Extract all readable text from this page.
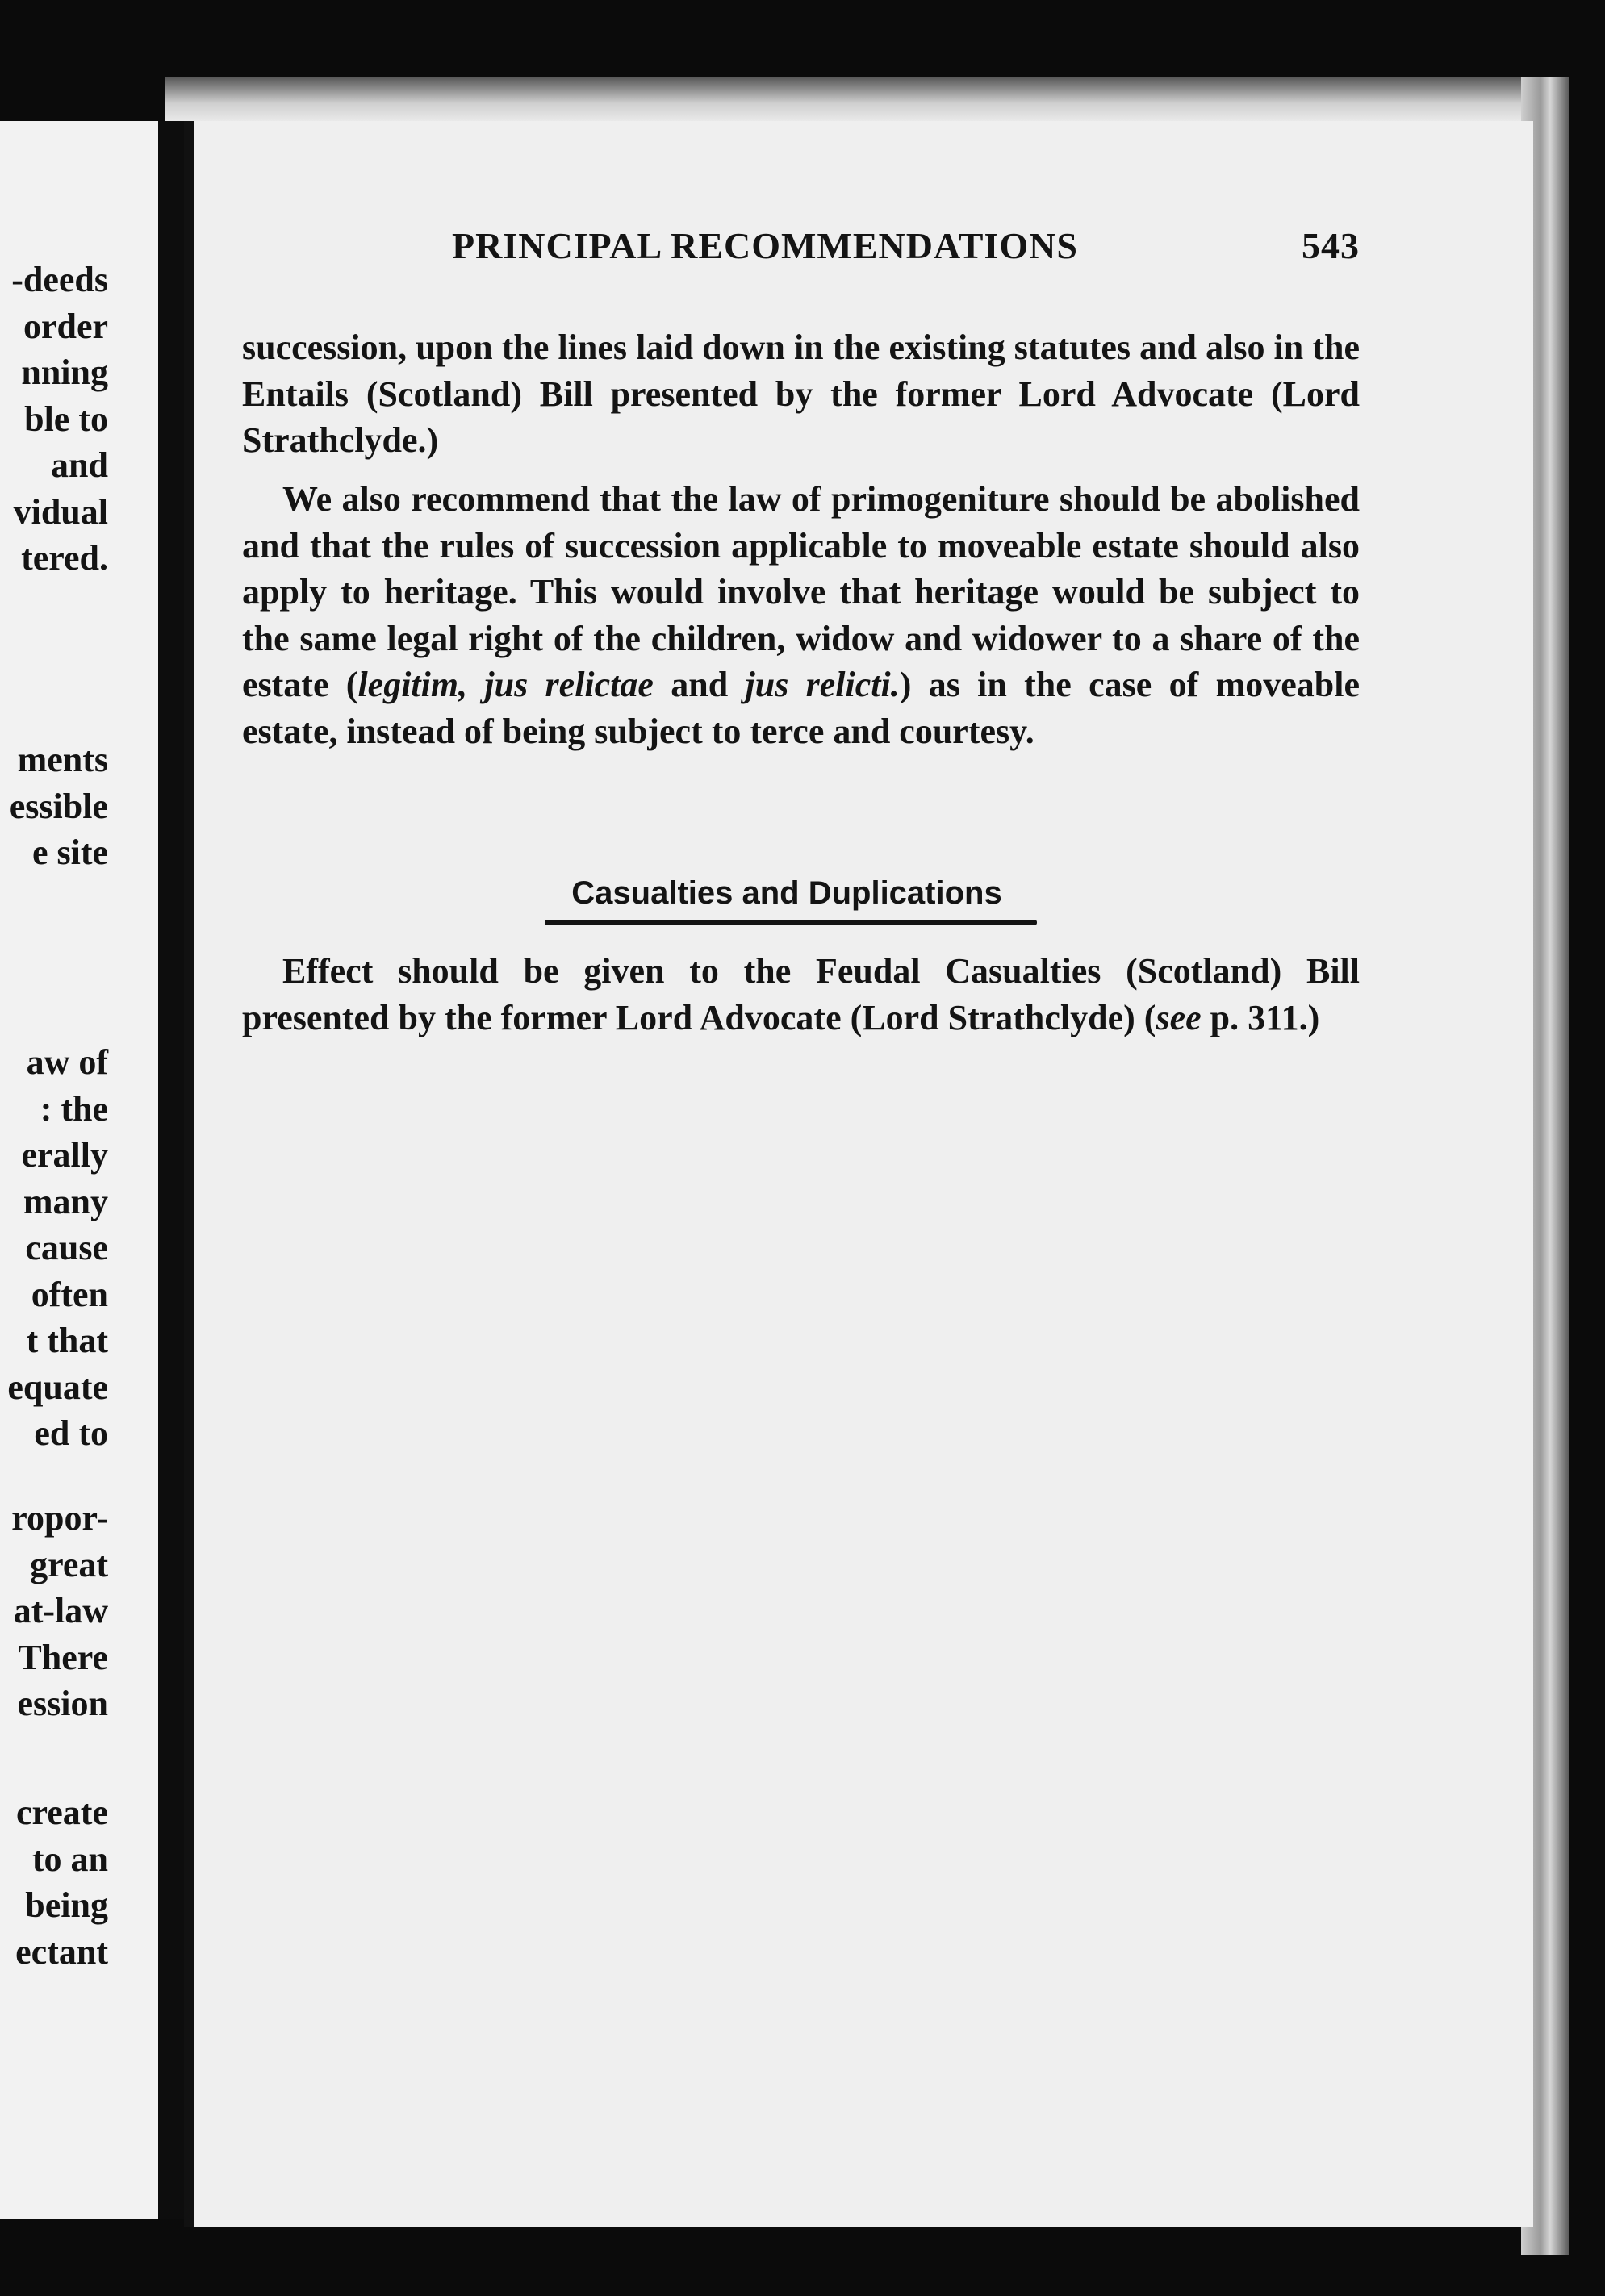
-deeds
order
nning
ble to
and
vidual
tered.
ments
essible
e site
aw of
: the
erally
many
cause
often
t that
equate
ed to
ropor-
great
at-law
There
ession
create
to an
being
ectant
PRINCIPAL RECOMMENDATIONS	543

succession, upon the lines laid down in the existing statutes and also in the Entails (Scotland) Bill presented by the former Lord Advocate (Lord Strathclyde.)

We also recommend that the law of primogeniture should be abolished and that the rules of succession applicable to moveable estate should also apply to heritage. This would involve that heritage would be subject to the same legal right of the children, widow and widower to a share of the estate (legitim, jus relictae and jus relicti.) as in the case of moveable estate, instead of being subject to terce and courtesy.

Casualties and Duplications

Effect should be given to the Feudal Casualties (Scotland) Bill presented by the former Lord Advocate (Lord Strathclyde) (see p. 311.)
